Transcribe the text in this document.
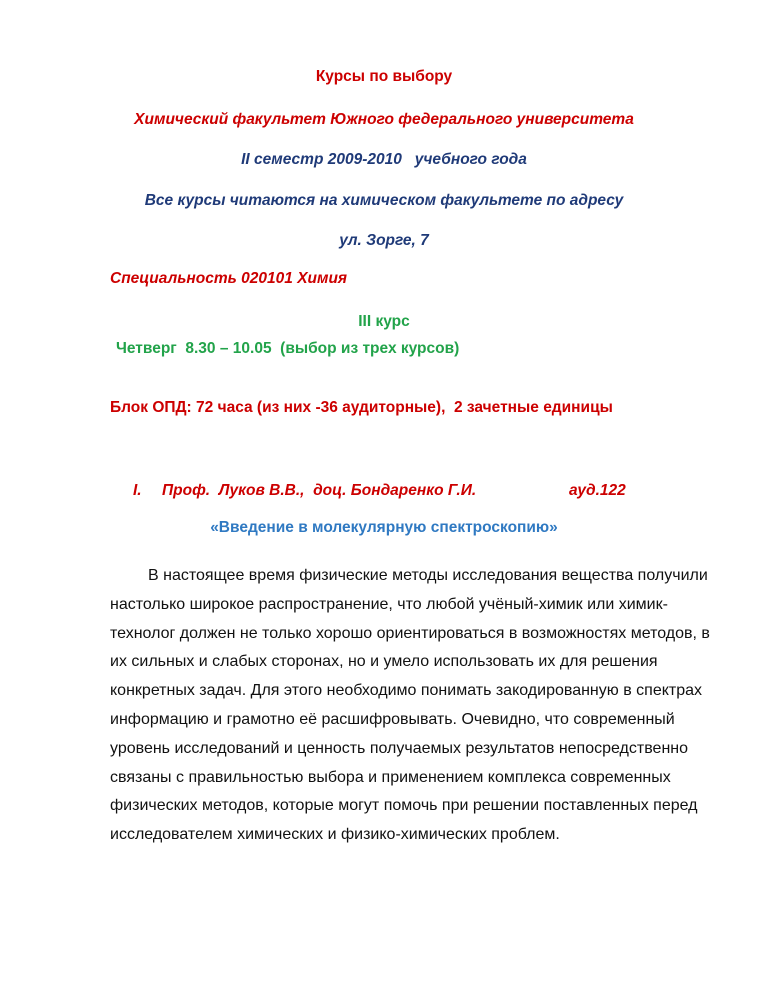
Курсы по выбору
Химический факультет Южного федерального университета
II семестр 2009-2010   учебного года
Все курсы читаются на химическом факультете по адресу
ул. Зорге, 7
Специальность 020101 Химия
III курс
Четверг  8.30 – 10.05  (выбор из трех курсов)
Блок ОПД: 72 часа (из них -36 аудиторные),  2 зачетные единицы
I. Проф.  Луков В.В.,  доц. Бондаренко Г.И.	ауд.122
«Введение в молекулярную спектроскопию»

В настоящее время физические методы исследования вещества получили настолько широкое распространение, что любой учёный-химик или химик-технолог должен не только хорошо ориентироваться в возможностях методов, в их сильных и слабых сторонах, но и умело использовать их для решения конкретных задач. Для этого необходимо понимать закодированную в спектрах информацию и грамотно её расшифровывать. Очевидно, что современный уровень исследований и ценность получаемых результатов непосредственно связаны с правильностью выбора и применением комплекса современных физических методов, которые могут помочь при решении поставленных перед исследователем химических и физико-химических проблем.
